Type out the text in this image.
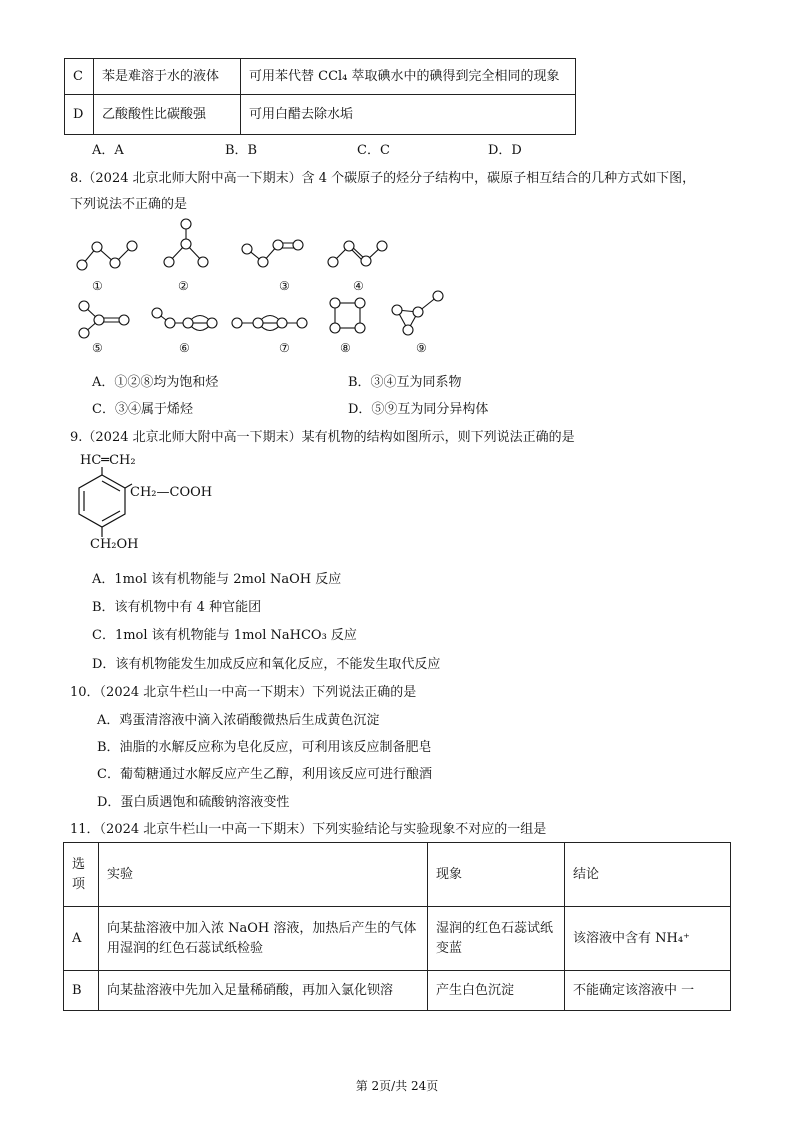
C	苯是难溶于水的液体	可用苯代替 CCl₄ 萃取碘水中的碘得到完全相同的现象
D	乙酸酸性比碳酸强	可用白醋去除水垢
A．A	B．B	C．C	D．D
8.（2024 北京北师大附中高一下期末）含 4 个碳原子的烃分子结构中，碳原子相互结合的几种方式如下图，
下列说法不正确的是
①	②	③	④
⑤	⑥	⑦	⑧	⑨
A．①②⑧均为饱和烃	B．③④互为同系物
C．③④属于烯烃	D．⑤⑨互为同分异构体
9.（2024 北京北师大附中高一下期末）某有机物的结构如图所示，则下列说法正确的是
HC═CH₂
CH₂—COOH
CH₂OH
A．1mol 该有机物能与 2mol NaOH 反应
B．该有机物中有 4 种官能团
C．1mol 该有机物能与 1mol NaHCO₃ 反应
D．该有机物能发生加成反应和氧化反应，不能发生取代反应
10．（2024 北京牛栏山一中高一下期末）下列说法正确的是
A．鸡蛋清溶液中滴入浓硝酸微热后生成黄色沉淀
B．油脂的水解反应称为皂化反应，可利用该反应制备肥皂
C．葡萄糖通过水解反应产生乙醇，利用该反应可进行酿酒
D．蛋白质遇饱和硫酸钠溶液变性
11．（2024 北京牛栏山一中高一下期末）下列实验结论与实验现象不对应的一组是
选项	实验	现象	结论
A	向某盐溶液中加入浓 NaOH 溶液，加热后产生的气体用湿润的红色石蕊试纸检验	湿润的红色石蕊试纸变蓝	该溶液中含有 NH₄⁺
B	向某盐溶液中先加入足量稀硝酸，再加入氯化钡溶	产生白色沉淀	不能确定该溶液中 一
第 2页/共 24页
